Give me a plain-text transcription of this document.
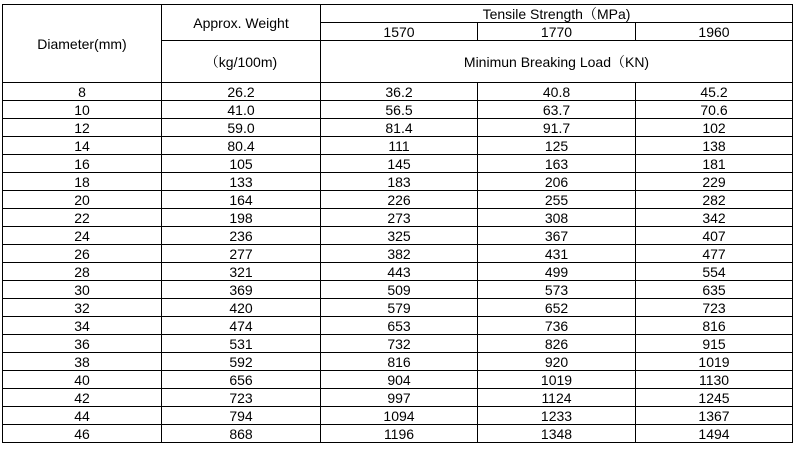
Diameter(mm)	Approx. Weight	Tensile Strength（MPa)		
		1570	1770	1960
	（kg/100m)	Minimun Breaking Load（KN)		
8	26.2	36.2	40.8	45.2
10	41.0	56.5	63.7	70.6
12	59.0	81.4	91.7	102
14	80.4	111	125	138
16	105	145	163	181
18	133	183	206	229
20	164	226	255	282
22	198	273	308	342
24	236	325	367	407
26	277	382	431	477
28	321	443	499	554
30	369	509	573	635
32	420	579	652	723
34	474	653	736	816
36	531	732	826	915
38	592	816	920	1019
40	656	904	1019	1130
42	723	997	1124	1245
44	794	1094	1233	1367
46	868	1196	1348	1494
